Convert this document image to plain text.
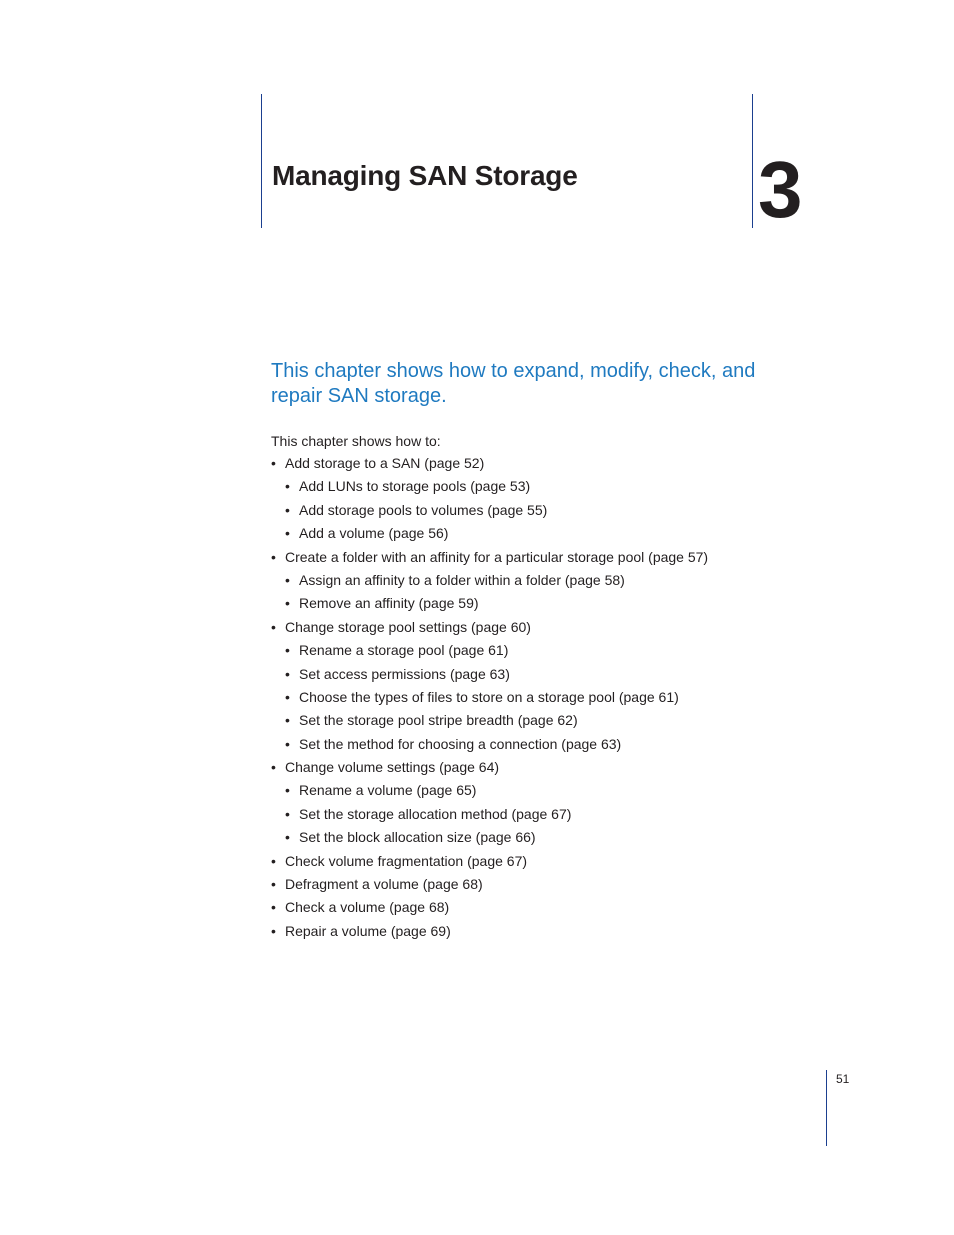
Managing SAN Storage 3
This chapter shows how to expand, modify, check, and repair SAN storage.

This chapter shows how to:

• Add storage to a SAN (page 52)
• Add LUNs to storage pools (page 53)
• Add storage pools to volumes (page 55)
• Add a volume (page 56)
• Create a folder with an affinity for a particular storage pool (page 57)
• Assign an affinity to a folder within a folder (page 58)
• Remove an affinity (page 59)
• Change storage pool settings (page 60)
• Rename a storage pool (page 61)
• Set access permissions (page 63)
• Choose the types of files to store on a storage pool (page 61)
• Set the storage pool stripe breadth (page 62)
• Set the method for choosing a connection (page 63)
• Change volume settings (page 64)
• Rename a volume (page 65)
• Set the storage allocation method (page 67)
• Set the block allocation size (page 66)
• Check volume fragmentation (page 67)
• Defragment a volume (page 68)
• Check a volume (page 68)
• Repair a volume (page 69)
51
